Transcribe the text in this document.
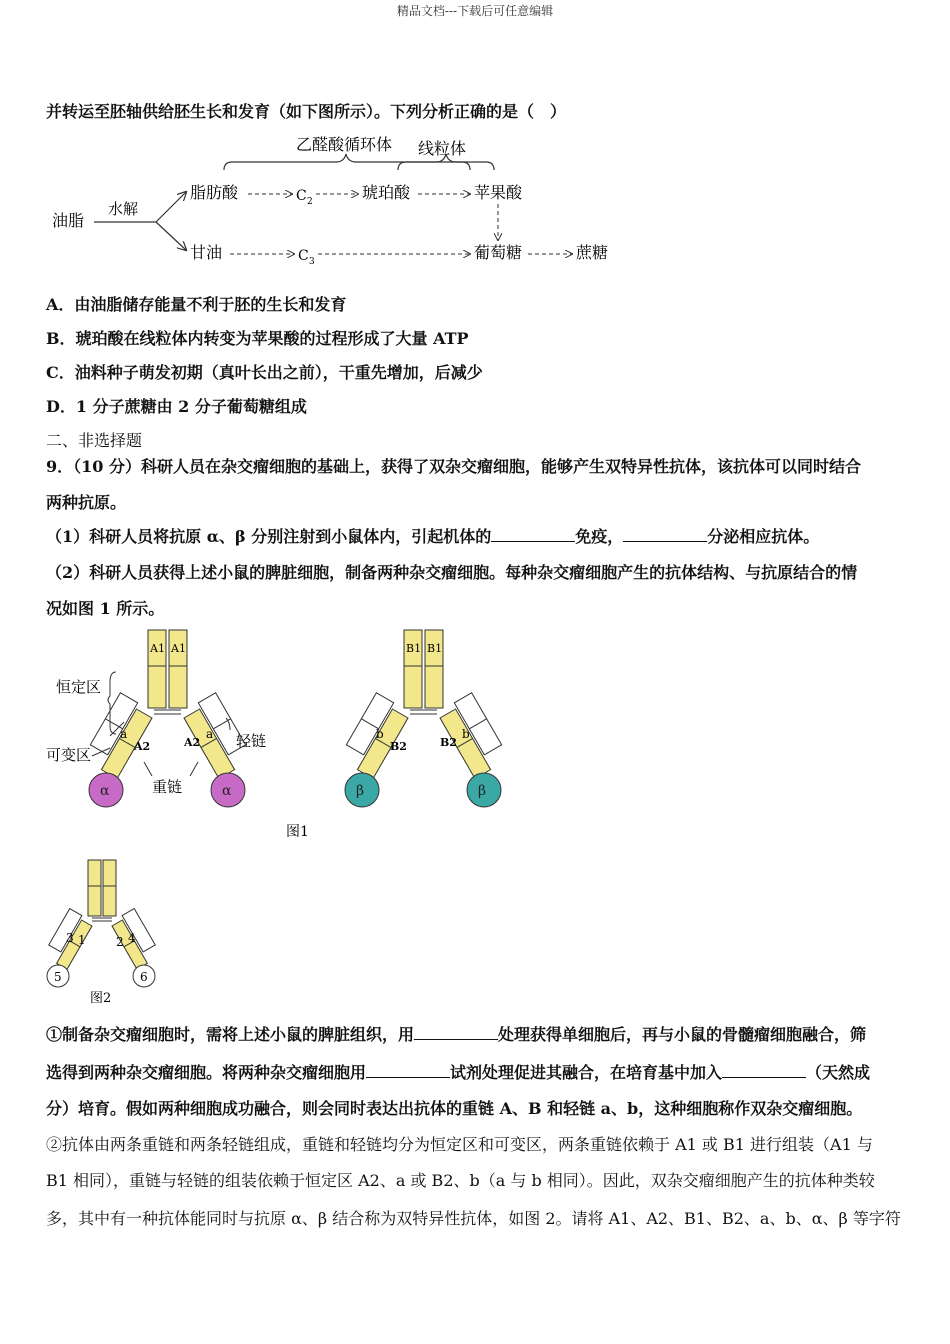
精品文档---下载后可任意编辑
并转运至胚轴供给胚生长和发育（如下图所示）。下列分析正确的是（　）
乙醛酸循环体 线粒体
油脂
水解
脂肪酸	C 2	琥珀酸	苹果酸
甘油	C 3	葡萄糖	蔗糖
A．由油脂储存能量不利于胚的生长和发育
B．琥珀酸在线粒体内转变为苹果酸的过程形成了大量 ATP
C．油料种子萌发初期（真叶长出之前），干重先增加，后减少
D．1 分子蔗糖由 2 分子葡萄糖组成
二、非选择题
9．（10 分）科研人员在杂交瘤细胞的基础上，获得了双杂交瘤细胞，能够产生双特异性抗体，该抗体可以同时结合
两种抗原。
（1）科研人员将抗原 α、β 分别注射到小鼠体内，引起机体的	免疫，	分泌相应抗体。
（2）科研人员获得上述小鼠的脾脏细胞，制备两种杂交瘤细胞。每种杂交瘤细胞产生的抗体结构、与抗原结合的情
况如图 1 所示。
A1 A1
A2
a
α
A2
a
α
恒定区
可变区
轻链
重链
B1 B1
B2
b
β
B2
b
β
图1
3 1	2 4
5	6
图2
①制备杂交瘤细胞时，需将上述小鼠的脾脏组织，用	处理获得单细胞后，再与小鼠的骨髓瘤细胞融合，筛
选得到两种杂交瘤细胞。将两种杂交瘤细胞用	试剂处理促进其融合，在培育基中加入	（天然成
分）培育。假如两种细胞成功融合，则会同时表达出抗体的重链 A、B 和轻链 a、b，这种细胞称作双杂交瘤细胞。
②抗体由两条重链和两条轻链组成，重链和轻链均分为恒定区和可变区，两条重链依赖于 A1 或 B1 进行组装（A1 与
B1 相同），重链与轻链的组装依赖于恒定区 A2、a 或 B2、b（a 与 b 相同）。因此，双杂交瘤细胞产生的抗体种类较
多，其中有一种抗体能同时与抗原 α、β 结合称为双特异性抗体，如图 2。请将 A1、A2、B1、B2、a、b、α、β 等字符
